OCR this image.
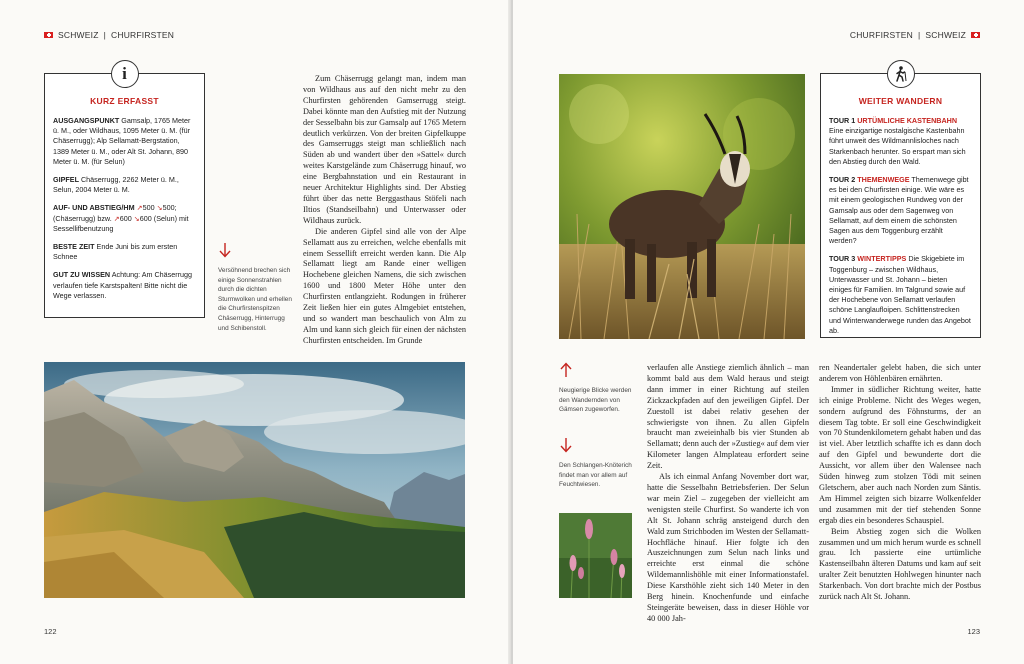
SCHWEIZ | CHURFIRSTEN
i
KURZ ERFASST
AUSGANGSPUNKT Gamsalp, 1765 Meter ü. M., oder Wildhaus, 1095 Meter ü. M. (für Chäserrugg); Alp Sellamatt-Bergstation, 1389 Meter ü. M., oder Alt St. Johann, 890 Meter ü. M. (für Selun)
GIPFEL Chäserrugg, 2262 Meter ü. M., Selun, 2004 Meter ü. M.
AUF- UND ABSTIEG/HM ↗500 ↘500; (Chäserrugg) bzw. ↗600 ↘600 (Selun) mit Sessellifbenutzung
BESTE ZEIT Ende Juni bis zum ersten Schnee
GUT ZU WISSEN Achtung: Am Chäserrugg verlaufen tiefe Karstspalten! Bitte nicht die Wege verlassen.
Versöhnend brechen sich einige Sonnenstrahlen durch die dichten Sturmwolken und erhellen die Churfirstenspitzen Chäserrugg, Hinterrugg und Schibenstoll.

Zum Chäserrugg gelangt man, indem man von Wildhaus aus auf den nicht mehr zu den Churfirsten gehörenden Gamserrugg steigt. Dabei könnte man den Aufstieg mit der Nutzung der Sesselbahn bis zur Gamsalp auf 1765 Metern deutlich verkürzen. Von der breiten Gipfelkuppe des Gamserruggs steigt man schließlich nach Süden ab und wandert über den »Sattel« durch weites Karstgelände zum Chäserrugg hinauf, wo eine Bergbahnstation und ein Restaurant in neuer Architektur Highlights sind. Der Abstieg führt über das nette Berggasthaus Stöfeli nach Iltios (Standseilbahn) und Unterwasser oder Wildhaus zurück.

Die anderen Gipfel sind alle von der Alpe Sellamatt aus zu erreichen, welche ebenfalls mit einem Sessellift erreicht werden kann. Die Alp Sellamatt liegt am Rande einer welligen Hochebene gleichen Namens, die sich zwischen 1600 und 1800 Meter Höhe unter den Churfirsten entlangzieht. Rodungen in früherer Zeit ließen hier ein gutes Almgebiet entstehen, und so wandert man beschaulich von Alm zu Alm und kann sich gleich für einen der nächsten Churfirsten entscheiden. Im Grunde

122
CHURFIRSTEN | SCHWEIZ
WEITER WANDERN
TOUR 1 URTÜMLICHE KASTENBAHN Eine einzigartige nostalgische Kastenbahn führt unweit des Wildmannlisloches nach Starkenbach herunter. So erspart man sich den Abstieg durch den Wald.
TOUR 2 THEMENWEGE Themenwege gibt es bei den Churfirsten einige. Wie wäre es mit einem geologischen Rundweg von der Gamsalp aus oder dem Sagenweg von Sellamatt, auf dem einem die schönsten Sagen aus dem Toggenburg erzählt werden?
TOUR 3 WINTERTIPPS Die Skigebiete im Toggenburg – zwischen Wildhaus, Unterwasser und St. Johann – bieten einiges für Familien. Im Talgrund sowie auf der Hochebene von Sellamatt verlaufen schöne Langlaufloipen. Schlittenstrecken und Winterwanderwege runden das Angebot ab.
Neugierige Blicke werden den Wandernden von Gämsen zugeworfen.
Den Schlangen-Knöterich findet man vor allem auf Feuchtwiesen.

verlaufen alle Anstiege ziemlich ähnlich – man kommt bald aus dem Wald heraus und steigt dann immer in einer Richtung auf steilen Zickzackpfaden auf den jeweiligen Gipfel. Der Zuestoll ist dabei relativ gesehen der schwierigste von ihnen. Zu allen Gipfeln braucht man zweieinhalb bis vier Stunden ab Sellamatt; denn auch der »Zustieg« auf dem vier Kilometer langen Almplateau erfordert seine Zeit.

Als ich einmal Anfang November dort war, hatte die Sesselbahn Betriebsferien. Der Selun war mein Ziel – zugegeben der vielleicht am wenigsten steile Churfirst. So wanderte ich von Alt St. Johann schräg ansteigend durch den Wald zum Strichboden im Westen der Sellamatt-Hochfläche hinauf. Hier folgte ich den Auszeichnungen zum Selun nach links und erreichte erst einmal die schöne Wildemannlishöhle mit einer Informationstafel. Diese Karsthöhle zieht sich 140 Meter in den Berg hinein. Knochenfunde und einfache Steingeräte beweisen, dass in dieser Höhle vor 40 000 Jah-

ren Neandertaler gelebt haben, die sich unter anderem von Höhlenbären ernährten.

Immer in südlicher Richtung weiter, hatte ich einige Probleme. Nicht des Weges wegen, sondern aufgrund des Föhnsturms, der an diesem Tag tobte. Er soll eine Geschwindigkeit von 70 Stundenkilometern gehabt haben und das ist viel. Aber letztlich schaffte ich es dann doch auf den Gipfel und bewunderte dort die Aussicht, vor allem über den Walensee nach Süden hinweg zum stolzen Tödi mit seinen Gletschern, aber auch nach Norden zum Säntis. Am Himmel zeigten sich bizarre Wolkenfelder und zusammen mit der tief stehenden Sonne ergab dies ein besonderes Schauspiel.

Beim Abstieg zogen sich die Wolken zusammen und um mich herum wurde es schnell grau. Ich passierte eine urtümliche Kastenseilbahn älteren Datums und kam auf seit uralter Zeit benutzten Hohlwegen hinunter nach Starkenbach. Von dort brachte mich der Postbus zurück nach Alt St. Johann.

123
